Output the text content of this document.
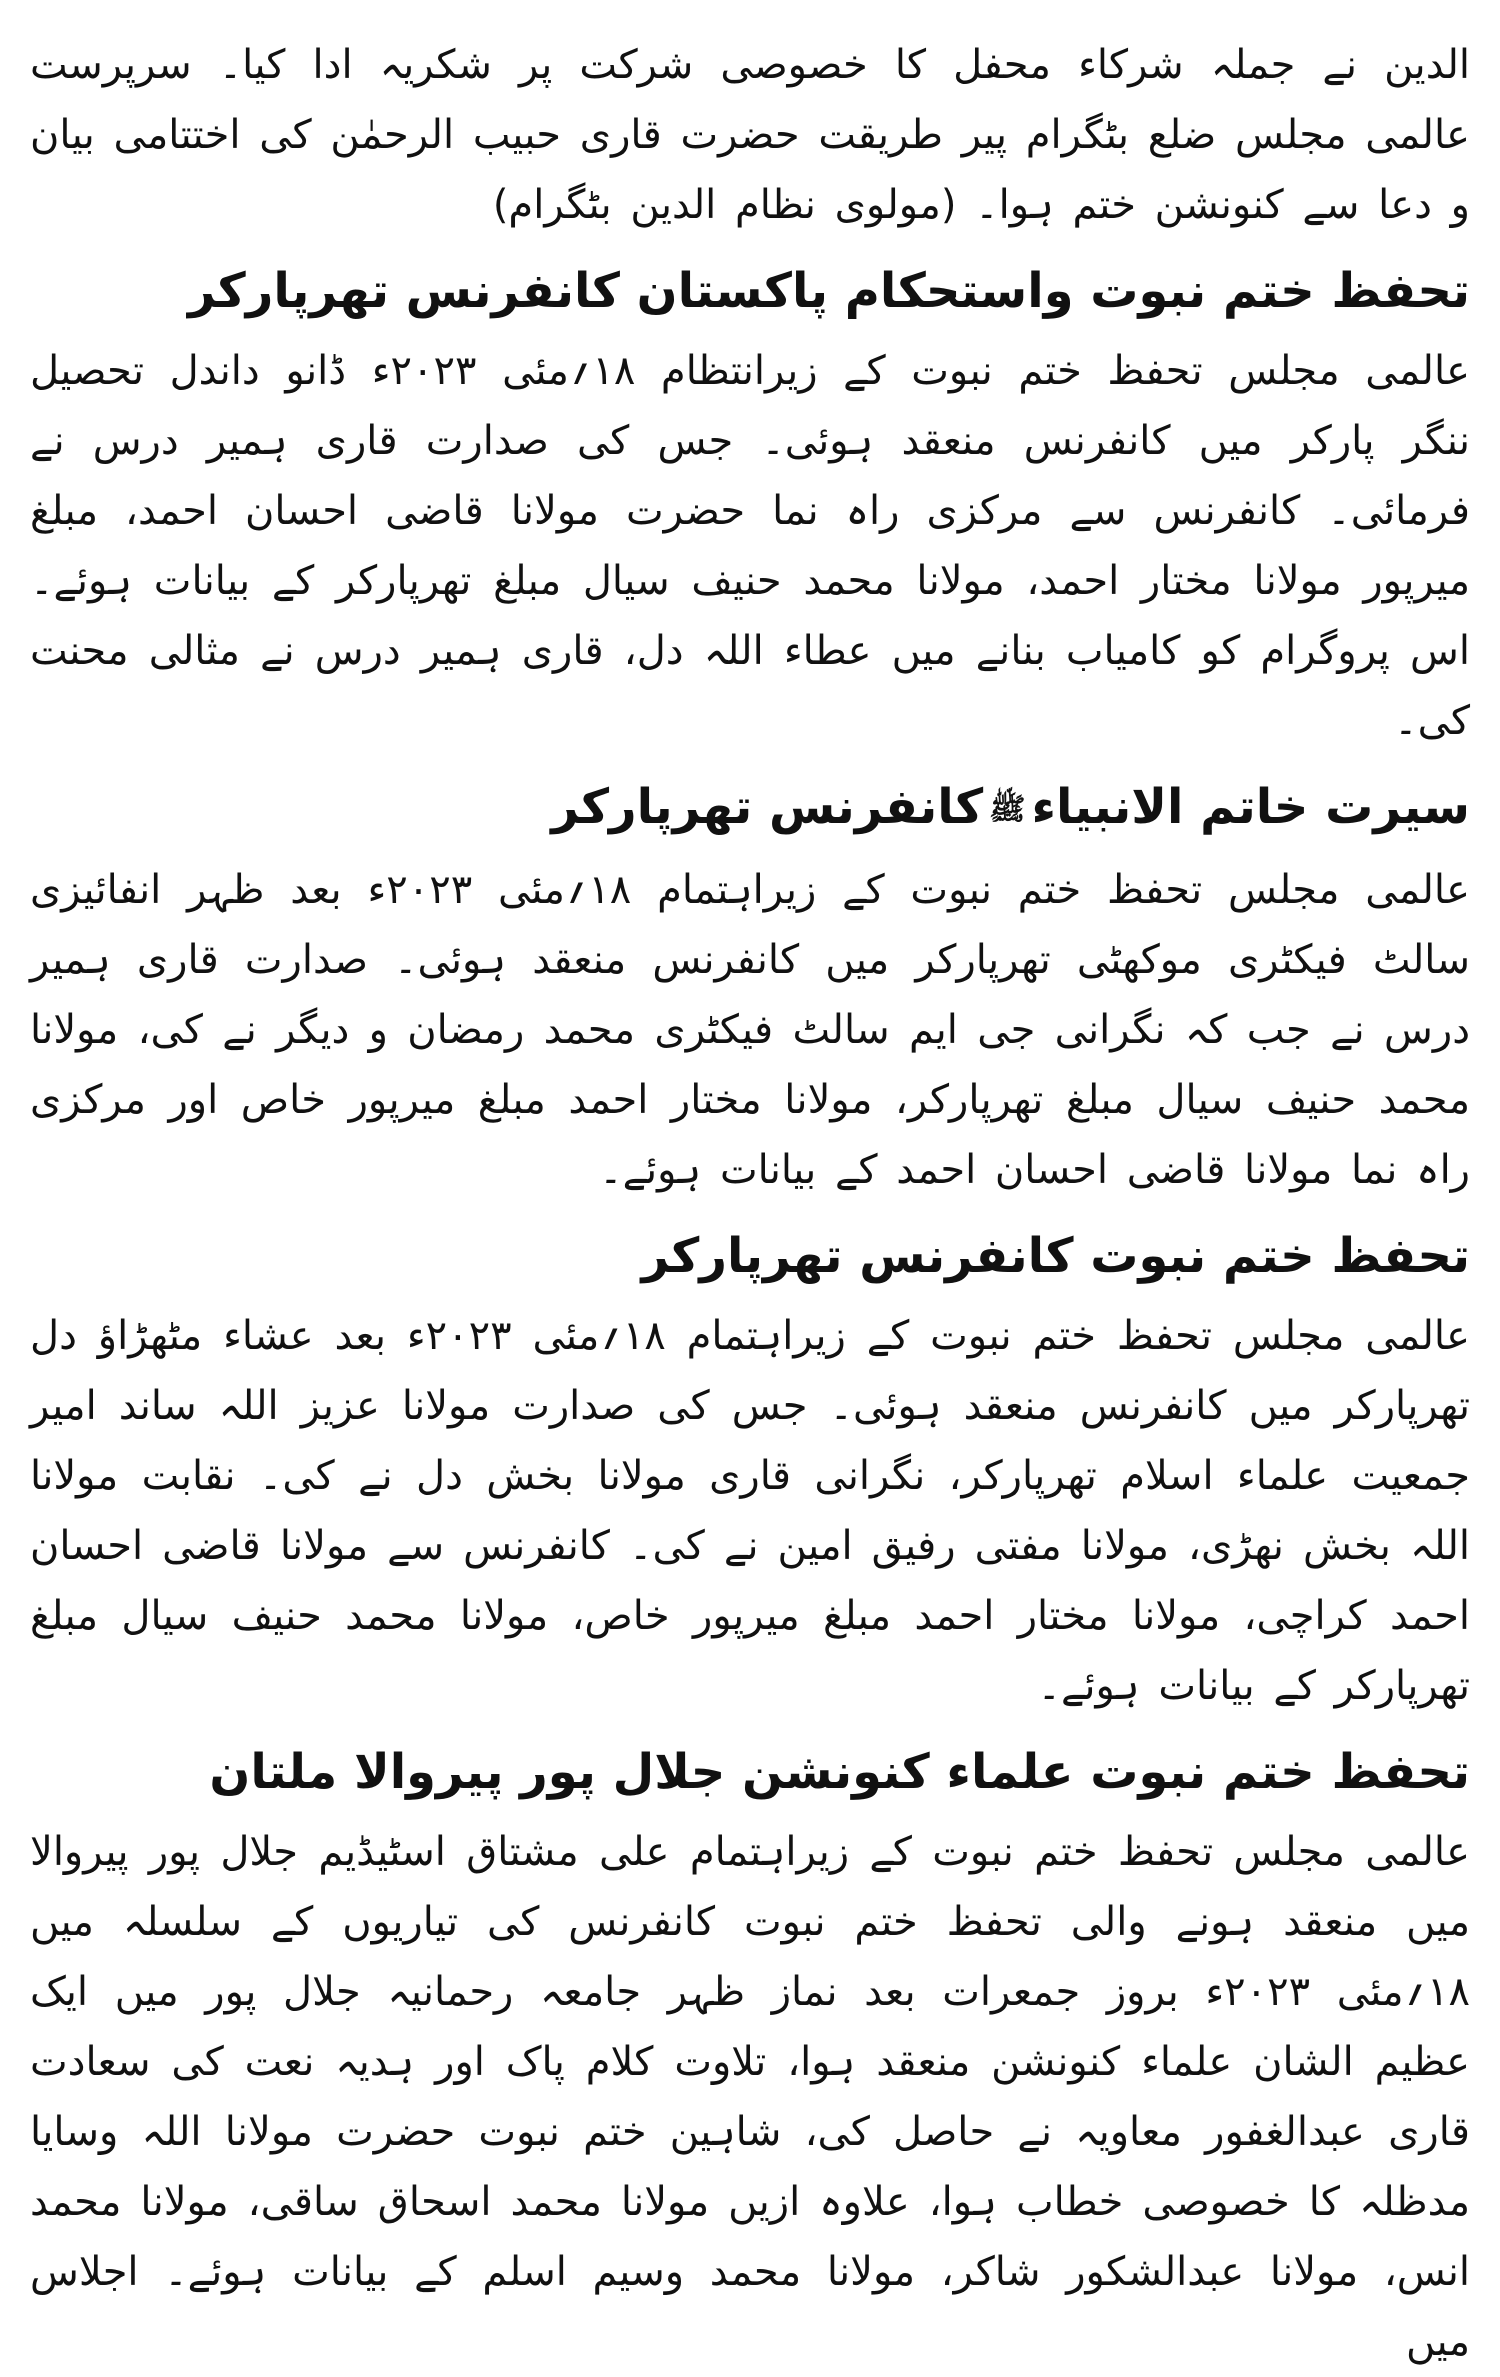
الدین نے جملہ شرکاء محفل کا خصوصی شرکت پر شکریہ ادا کیا۔ سرپرست عالمی مجلس ضلع بٹگرام پیر طریقت حضرت قاری حبیب الرحمٰن کی اختتامی بیان و دعا سے کنونشن ختم ہوا۔ (مولوی نظام الدین بٹگرام)

تحفظ ختم نبوت واستحکام پاکستان کانفرنس تھرپارکر

عالمی مجلس تحفظ ختم نبوت کے زیرانتظام ۱۸؍مئی ۲۰۲۳ء ڈانو داندل تحصیل ننگر پارکر میں کانفرنس منعقد ہوئی۔ جس کی صدارت قاری ہمیر درس نے فرمائی۔ کانفرنس سے مرکزی راہ نما حضرت مولانا قاضی احسان احمد، مبلغ میرپور مولانا مختار احمد، مولانا محمد حنیف سیال مبلغ تھرپارکر کے بیانات ہوئے۔ اس پروگرام کو کامیاب بنانے میں عطاء اللہ دل، قاری ہمیر درس نے مثالی محنت کی۔

سیرت خاتم الانبیاءﷺکانفرنس تھرپارکر

عالمی مجلس تحفظ ختم نبوت کے زیراہتمام ۱۸؍مئی ۲۰۲۳ء بعد ظہر انفائیزی سالٹ فیکٹری موکھٹی تھرپارکر میں کانفرنس منعقد ہوئی۔ صدارت قاری ہمیر درس نے جب کہ نگرانی جی ایم سالٹ فیکٹری محمد رمضان و دیگر نے کی، مولانا محمد حنیف سیال مبلغ تھرپارکر، مولانا مختار احمد مبلغ میرپور خاص اور مرکزی راہ نما مولانا قاضی احسان احمد کے بیانات ہوئے۔

تحفظ ختم نبوت کانفرنس تھرپارکر

عالمی مجلس تحفظ ختم نبوت کے زیراہتمام ۱۸؍مئی ۲۰۲۳ء بعد عشاء مٹھڑاؤ دل تھرپارکر میں کانفرنس منعقد ہوئی۔ جس کی صدارت مولانا عزیز اللہ ساند امیر جمعیت علماء اسلام تھرپارکر، نگرانی قاری مولانا بخش دل نے کی۔ نقابت مولانا اللہ بخش نھڑی، مولانا مفتی رفیق امین نے کی۔ کانفرنس سے مولانا قاضی احسان احمد کراچی، مولانا مختار احمد مبلغ میرپور خاص، مولانا محمد حنیف سیال مبلغ تھرپارکر کے بیانات ہوئے۔

تحفظ ختم نبوت علماء کنونشن جلال پور پیروالا ملتان

عالمی مجلس تحفظ ختم نبوت کے زیراہتمام علی مشتاق اسٹیڈیم جلال پور پیروالا میں منعقد ہونے والی تحفظ ختم نبوت کانفرنس کی تیاریوں کے سلسلہ میں ۱۸؍مئی ۲۰۲۳ء بروز جمعرات بعد نماز ظہر جامعہ رحمانیہ جلال پور میں ایک عظیم الشان علماء کنونشن منعقد ہوا، تلاوت کلام پاک اور ہدیہ نعت کی سعادت قاری عبدالغفور معاویہ نے حاصل کی، شاہین ختم نبوت حضرت مولانا اللہ وسایا مدظلہ کا خصوصی خطاب ہوا، علاوہ ازیں مولانا محمد اسحاق ساقی، مولانا محمد انس، مولانا عبدالشکور شاکر، مولانا محمد وسیم اسلم کے بیانات ہوئے۔ اجلاس میں
